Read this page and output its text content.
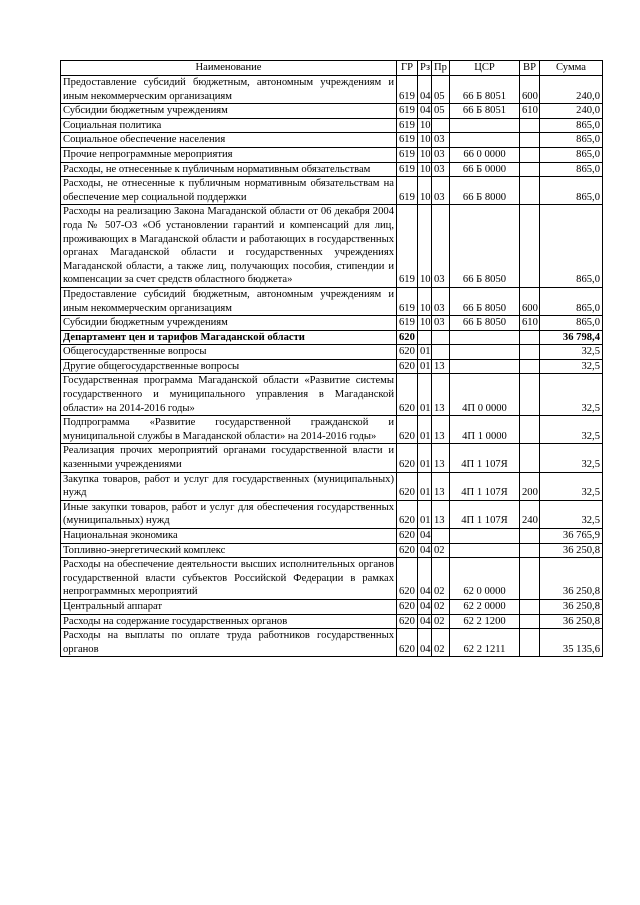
Наименование	ГР	Рз	Пр	ЦСР	ВР	Сумма
Предоставление субсидий бюджетным, автономным учреждениям и иным некоммерческим организациям	619	04	05	66 Б 8051	600	240,0
Субсидии бюджетным учреждениям	619	04	05	66 Б 8051	610	240,0
Социальная политика	619	10				865,0
Социальное обеспечение населения	619	10	03			865,0
Прочие непрограммные мероприятия	619	10	03	66 0 0000		865,0
Расходы, не отнесенные к публичным нормативным обязательствам	619	10	03	66 Б 0000		865,0
Расходы, не отнесенные к публичным нормативным обязательствам на обеспечение мер социальной поддержки	619	10	03	66 Б 8000		865,0
Расходы на реализацию Закона Магаданской области от 06 декабря 2004 года № 507-ОЗ «Об установлении гарантий и компенсаций для лиц, проживающих в Магаданской области и работающих в государственных органах Магаданской области и государственных учреждениях Магаданской области, а также лиц, получающих пособия, стипендии и компенсации за счет средств областного бюджета»	619	10	03	66 Б 8050		865,0
Предоставление субсидий бюджетным, автономным учреждениям и иным некоммерческим организациям	619	10	03	66 Б 8050	600	865,0
Субсидии бюджетным учреждениям	619	10	03	66 Б 8050	610	865,0
Департамент цен и тарифов Магаданской области	620					36 798,4
Общегосударственные вопросы	620	01				32,5
Другие общегосударственные вопросы	620	01	13			32,5
Государственная программа Магаданской области «Развитие системы государственного и муниципального управления в Магаданской области» на 2014-2016 годы»	620	01	13	4П 0 0000		32,5
Подпрограмма «Развитие государственной гражданской и муниципальной службы в Магаданской области» на 2014-2016 годы»	620	01	13	4П 1 0000		32,5
Реализация прочих мероприятий органами государственной власти и казенными учреждениями	620	01	13	4П 1 107Я		32,5
Закупка товаров, работ и услуг для государственных (муниципальных) нужд	620	01	13	4П 1 107Я	200	32,5
Иные закупки товаров, работ и услуг для обеспечения государственных (муниципальных) нужд	620	01	13	4П 1 107Я	240	32,5
Национальная экономика	620	04				36 765,9
Топливно-энергетический комплекс	620	04	02			36 250,8
Расходы на обеспечение деятельности высших исполнительных органов государственной власти субъектов Российской Федерации в рамках непрограммных мероприятий	620	04	02	62 0 0000		36 250,8
Центральный аппарат	620	04	02	62 2 0000		36 250,8
Расходы на содержание государственных органов	620	04	02	62 2 1200		36 250,8
Расходы на выплаты по оплате труда работников государственных органов	620	04	02	62 2 1211		35 135,6
